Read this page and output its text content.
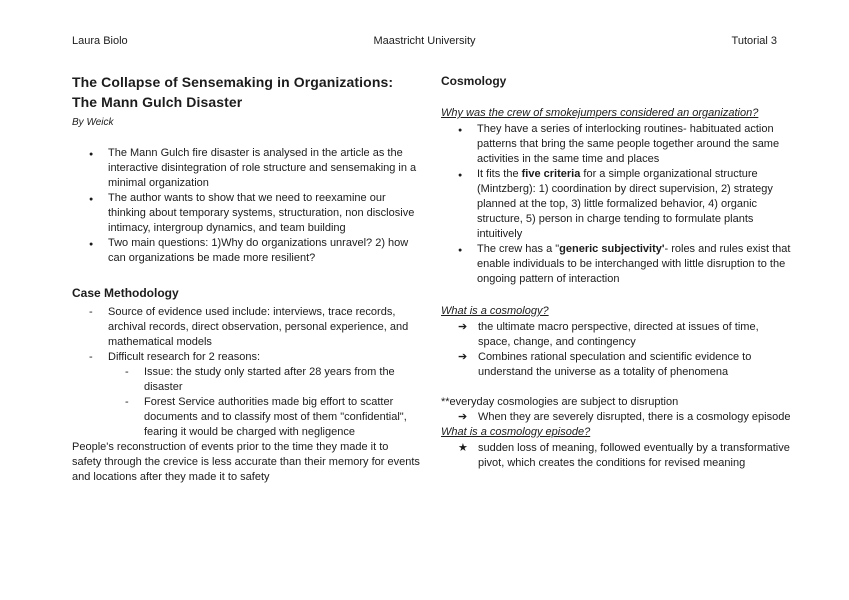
Laura Biolo	Maastricht University	Tutorial 3
The Collapse of Sensemaking in Organizations:
The Mann Gulch Disaster
By Weick
●	The Mann Gulch fire disaster is analysed in the article as the interactive disintegration of role structure and sensemaking in a minimal organization
●	The author wants to show that we need to reexamine our thinking about temporary systems, structuration, non disclosive intimacy, intergroup dynamics, and team building
●	Two main questions: 1)Why do organizations unravel? 2) how can organizations be made more resilient?
Case Methodology
-	Source of evidence used include: interviews, trace records, archival records, direct observation, personal experience, and mathematical models
-	Difficult research for 2 reasons:
-	Issue: the study only started after 28 years from the disaster
-	Forest Service authorities made big effort to scatter documents and to classify most of them "confidential", fearing it would be charged with negligence
People's reconstruction of events prior to the time they made it to safety through the crevice is less accurate than their memory for events and locations after they made it to safety
Cosmology
Why was the crew of smokejumpers considered an organization?
●	They have a series of interlocking routines- habituated action patterns that bring the same people together around the same activities in the same time and places
●	It fits the five criteria for a simple organizational structure (Mintzberg): 1) coordination by direct supervision, 2) strategy planned at the top, 3) little formalized behavior, 4) organic structure, 5) person in charge tending to formulate plants intuitively
●	The crew has a "generic subjectivity'- roles and rules exist that enable individuals to be interchanged with little disruption to the ongoing pattern of interaction
What is a cosmology?
➔ the ultimate macro perspective, directed at issues of time, space, change, and contingency
➔ Combines rational speculation and scientific evidence to understand the universe as a totality of phenomena
**everyday cosmologies are subject to disruption
➔ When they are severely disrupted, there is a cosmology episode
What is a cosmology episode?
★ sudden loss of meaning, followed eventually by a transformative pivot, which creates the conditions for revised meaning
